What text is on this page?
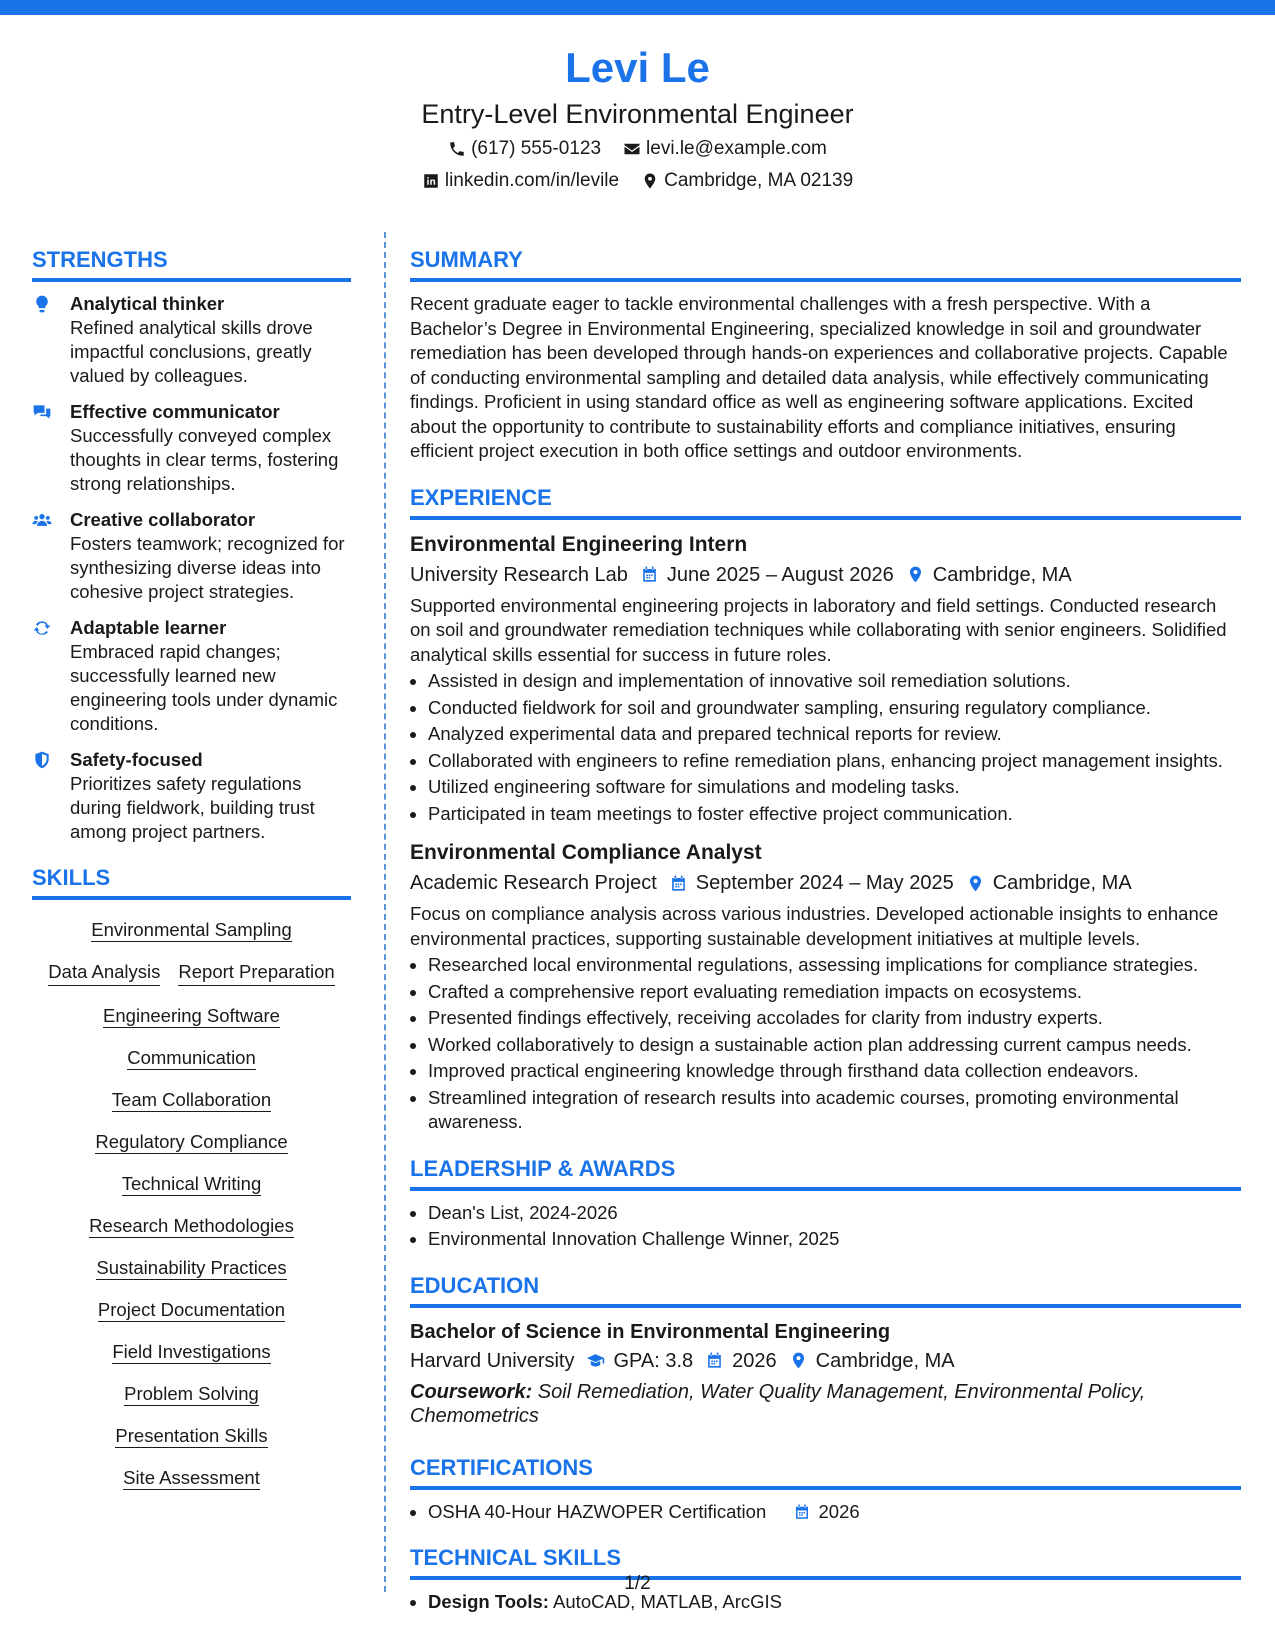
Levi Le
Entry-Level Environmental Engineer
(617) 555-0123 levi.le@example.com
linkedin.com/in/levile Cambridge, MA 02139
STRENGTHS
Analytical thinker
Refined analytical skills drove impactful conclusions, greatly valued by colleagues.
Effective communicator
Successfully conveyed complex thoughts in clear terms, fostering strong relationships.
Creative collaborator
Fosters teamwork; recognized for synthesizing diverse ideas into cohesive project strategies.
Adaptable learner
Embraced rapid changes; successfully learned new engineering tools under dynamic conditions.
Safety-focused
Prioritizes safety regulations during fieldwork, building trust among project partners.
SKILLS
Environmental Sampling
Data Analysis Report Preparation
Engineering Software
Communication
Team Collaboration
Regulatory Compliance
Technical Writing
Research Methodologies
Sustainability Practices
Project Documentation
Field Investigations
Problem Solving
Presentation Skills
Site Assessment
SUMMARY

Recent graduate eager to tackle environmental challenges with a fresh perspective. With a Bachelor’s Degree in Environmental Engineering, specialized knowledge in soil and groundwater remediation has been developed through hands-on experiences and collaborative projects. Capable of conducting environmental sampling and detailed data analysis, while effectively communicating findings. Proficient in using standard office as well as engineering software applications. Excited about the opportunity to contribute to sustainability efforts and compliance initiatives, ensuring efficient project execution in both office settings and outdoor environments.

EXPERIENCE
Environmental Engineering Intern
University Research Lab June 2025 – August 2026 Cambridge, MA

Supported environmental engineering projects in laboratory and field settings. Conducted research on soil and groundwater remediation techniques while collaborating with senior engineers. Solidified analytical skills essential for success in future roles.

• Assisted in design and implementation of innovative soil remediation solutions.
• Conducted fieldwork for soil and groundwater sampling, ensuring regulatory compliance.
• Analyzed experimental data and prepared technical reports for review.
• Collaborated with engineers to refine remediation plans, enhancing project management insights.
• Utilized engineering software for simulations and modeling tasks.
• Participated in team meetings to foster effective project communication.
Environmental Compliance Analyst
Academic Research Project September 2024 – May 2025 Cambridge, MA

Focus on compliance analysis across various industries. Developed actionable insights to enhance environmental practices, supporting sustainable development initiatives at multiple levels.

• Researched local environmental regulations, assessing implications for compliance strategies.
• Crafted a comprehensive report evaluating remediation impacts on ecosystems.
• Presented findings effectively, receiving accolades for clarity from industry experts.
• Worked collaboratively to design a sustainable action plan addressing current campus needs.
• Improved practical engineering knowledge through firsthand data collection endeavors.
• Streamlined integration of research results into academic courses, promoting environmental awareness.
LEADERSHIP & AWARDS
• Dean's List, 2024-2026
• Environmental Innovation Challenge Winner, 2025
EDUCATION
Bachelor of Science in Environmental Engineering
Harvard University GPA: 3.8 2026 Cambridge, MA
Coursework: Soil Remediation, Water Quality Management, Environmental Policy, Chemometrics
CERTIFICATIONS
• OSHA 40-Hour HAZWOPER Certification
	2026
TECHNICAL SKILLS
• Design Tools: AutoCAD, MATLAB, ArcGIS
1/2
